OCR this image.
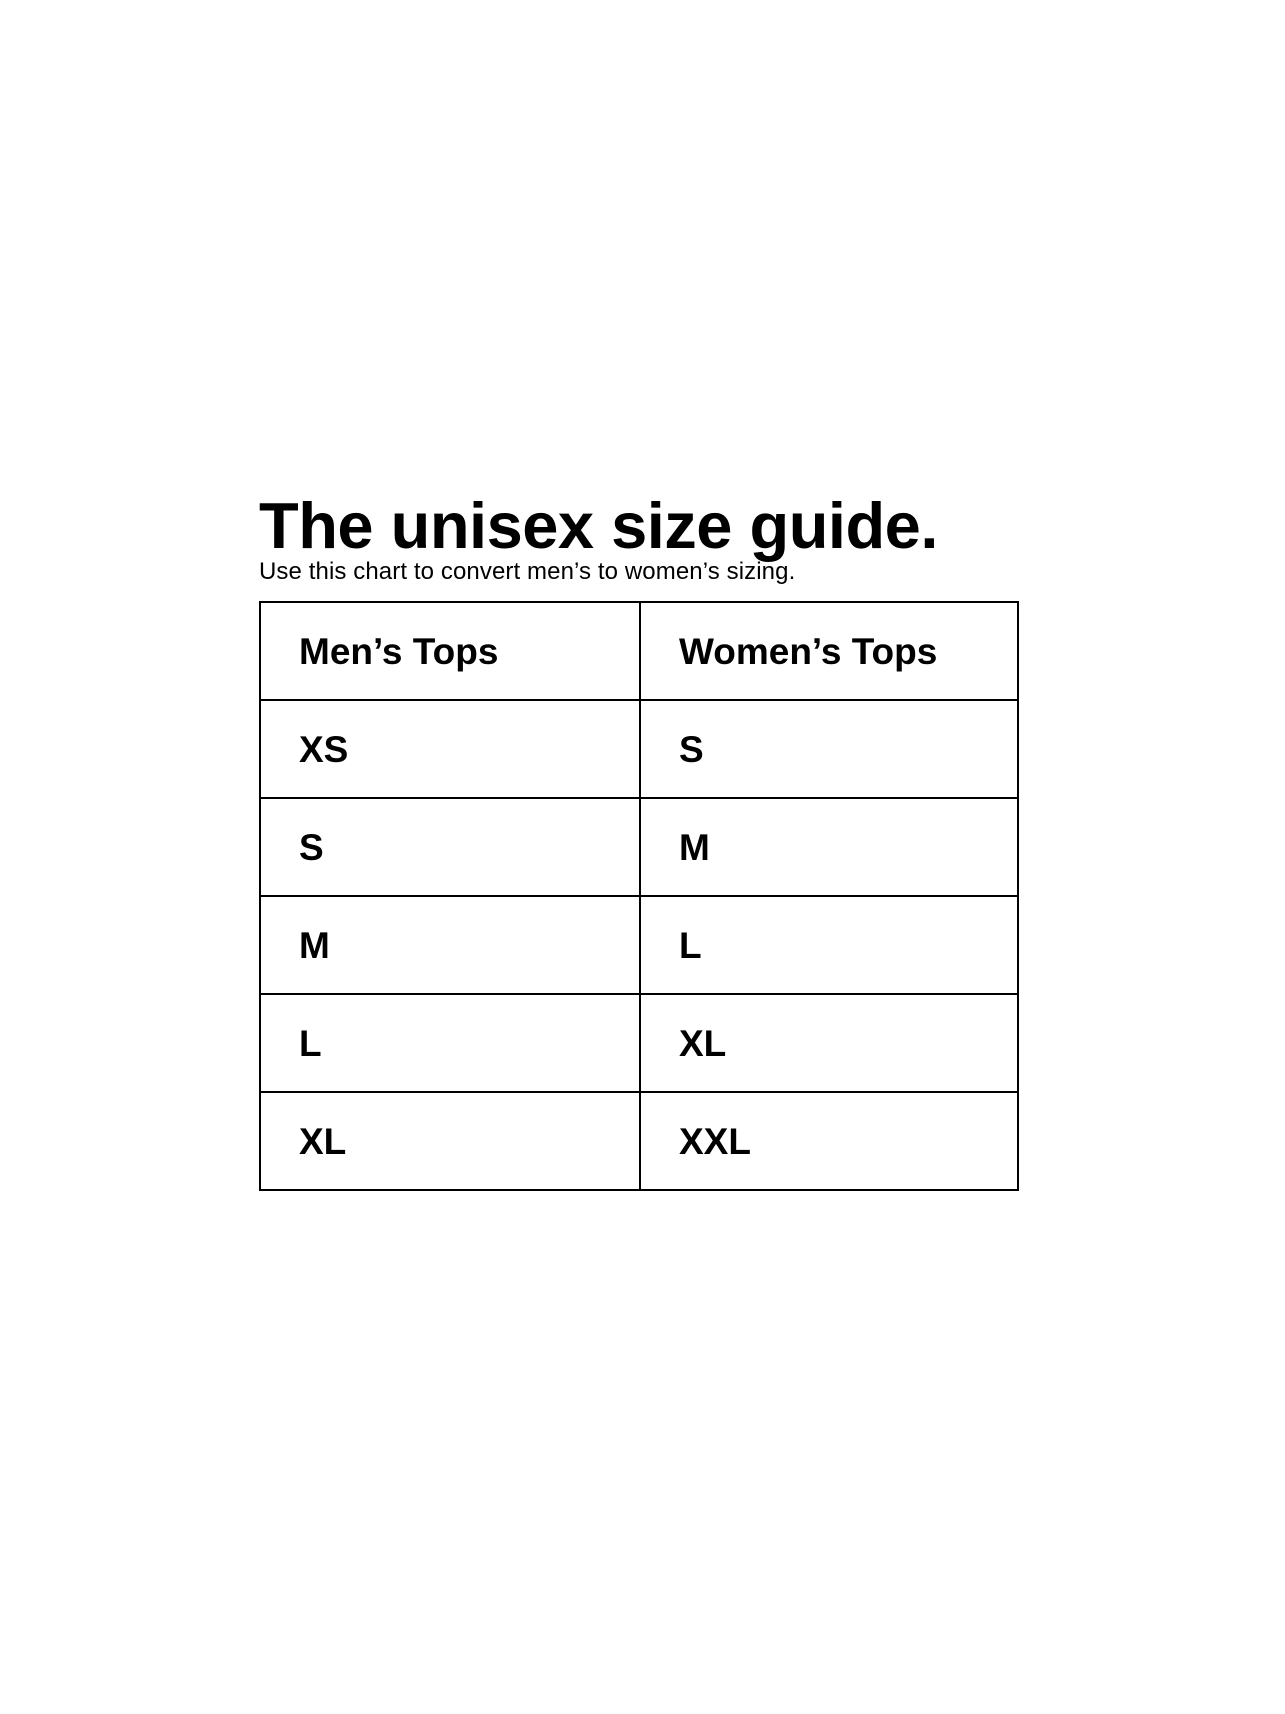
The unisex size guide.

Use this chart to convert men’s to women’s sizing.

Men’s Tops	Women’s Tops
XS	S
S	M
M	L
L	XL
XL	XXL
